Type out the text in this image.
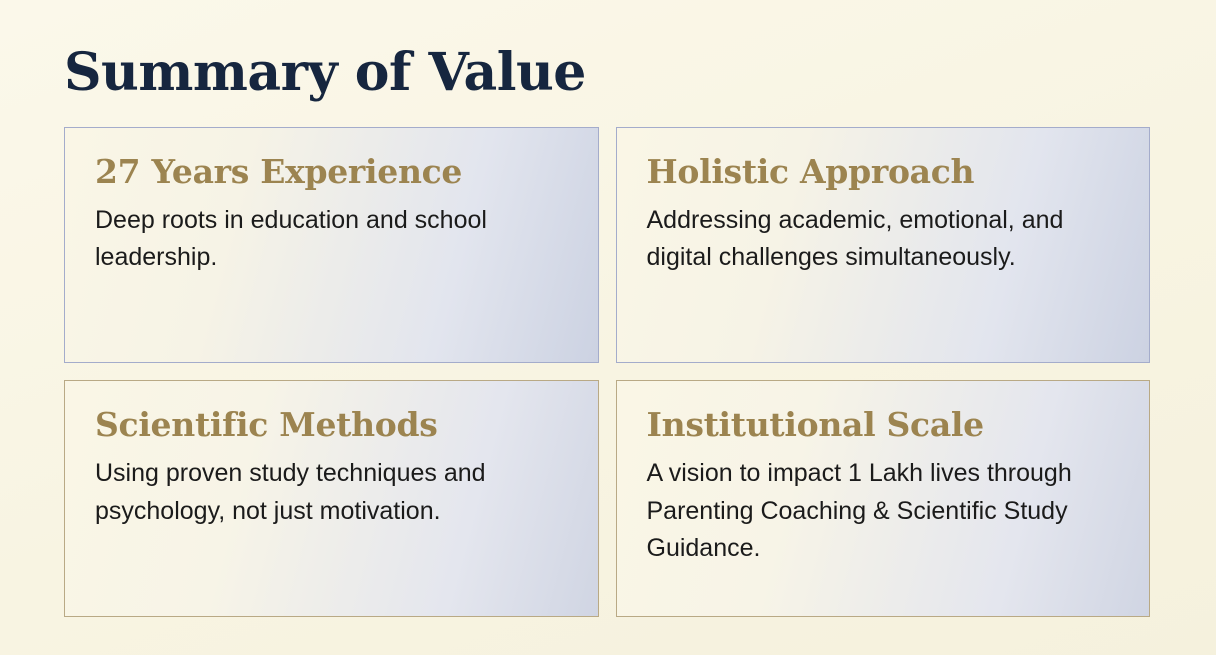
Summary of Value
27 Years Experience

Deep roots in education and school leadership.

Holistic Approach

Addressing academic, emotional, and digital challenges simultaneously.

Scientific Methods

Using proven study techniques and psychology, not just motivation.

Institutional Scale

A vision to impact 1 Lakh lives through Parenting Coaching & Scientific Study Guidance.
